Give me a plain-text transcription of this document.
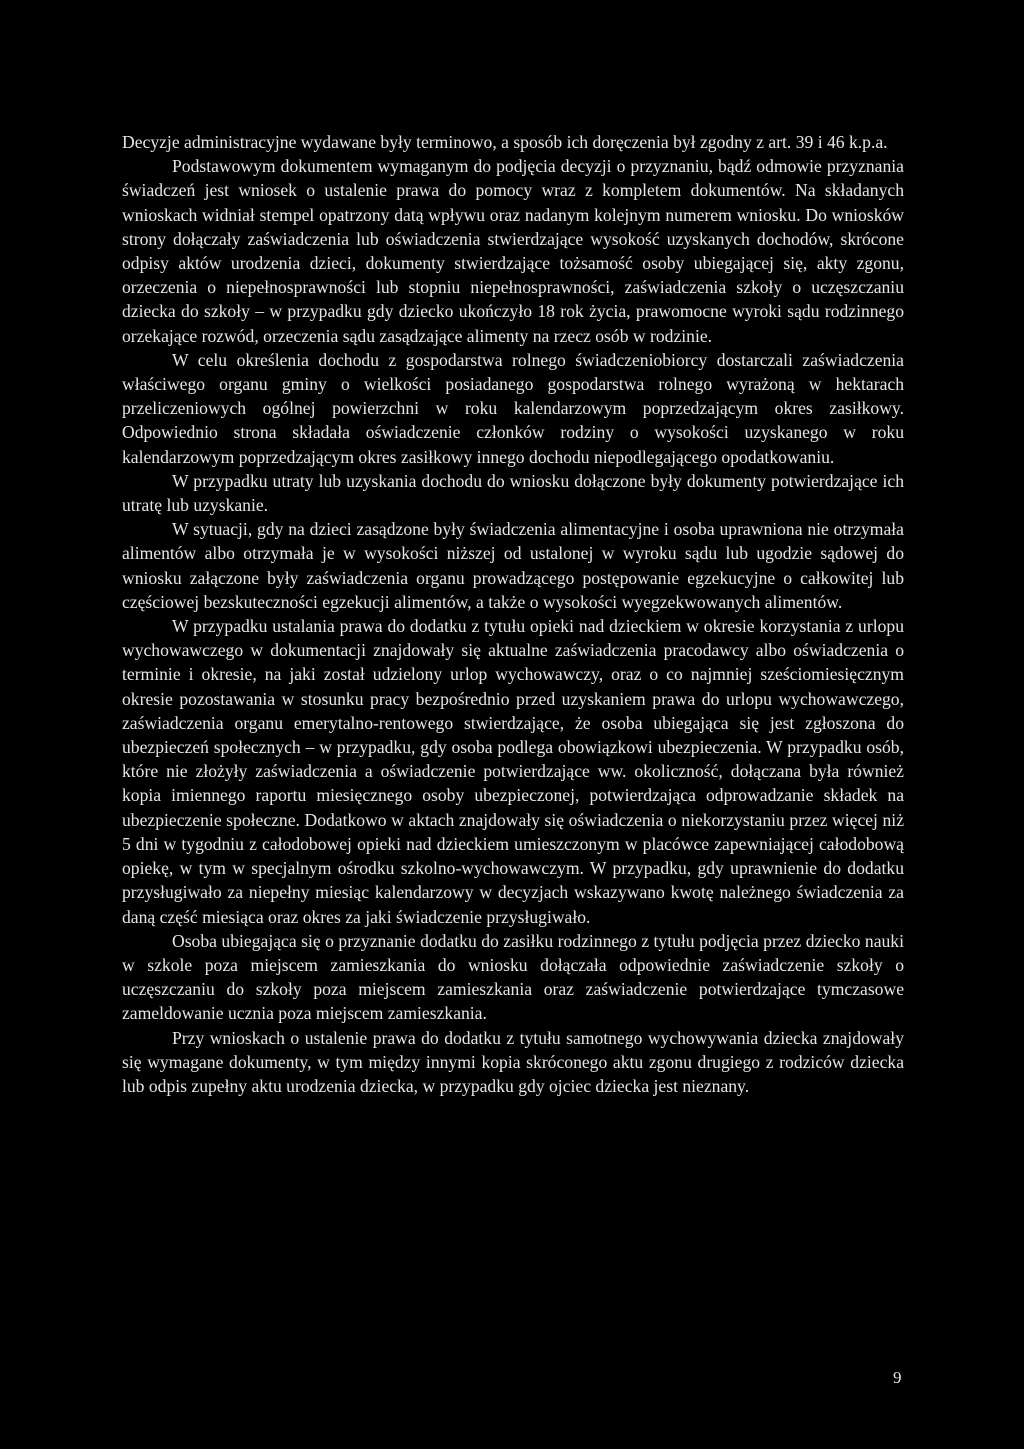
Decyzje administracyjne wydawane były terminowo, a sposób ich doręczenia był zgodny z art. 39 i 46 k.p.a.

Podstawowym dokumentem wymaganym do podjęcia decyzji o przyznaniu, bądź odmowie przyznania świadczeń jest wniosek o ustalenie prawa do pomocy wraz z kompletem dokumentów. Na składanych wnioskach widniał stempel opatrzony datą wpływu oraz nadanym kolejnym numerem wniosku. Do wniosków strony dołączały zaświadczenia lub oświadczenia stwierdzające wysokość uzyskanych dochodów, skrócone odpisy aktów urodzenia dzieci, dokumenty stwierdzające tożsamość osoby ubiegającej się, akty zgonu, orzeczenia o niepełnosprawności lub stopniu niepełnosprawności, zaświadczenia szkoły o uczęszczaniu dziecka do szkoły – w przypadku gdy dziecko ukończyło 18 rok życia, prawomocne wyroki sądu rodzinnego orzekające rozwód, orzeczenia sądu zasądzające alimenty na rzecz osób w rodzinie.

W celu określenia dochodu z gospodarstwa rolnego świadczeniobiorcy dostarczali zaświadczenia właściwego organu gminy o wielkości posiadanego gospodarstwa rolnego wyrażoną w hektarach przeliczeniowych ogólnej powierzchni w roku kalendarzowym poprzedzającym okres zasiłkowy. Odpowiednio strona składała oświadczenie członków rodziny o wysokości uzyskanego w roku kalendarzowym poprzedzającym okres zasiłkowy innego dochodu niepodlegającego opodatkowaniu.

W przypadku utraty lub uzyskania dochodu do wniosku dołączone były dokumenty potwierdzające ich utratę lub uzyskanie.

W sytuacji, gdy na dzieci zasądzone były świadczenia alimentacyjne i osoba uprawniona nie otrzymała alimentów albo otrzymała je w wysokości niższej od ustalonej w wyroku sądu lub ugodzie sądowej do wniosku załączone były zaświadczenia organu prowadzącego postępowanie egzekucyjne o całkowitej lub częściowej bezskuteczności egzekucji alimentów, a także o wysokości wyegzekwowanych alimentów.

W przypadku ustalania prawa do dodatku z tytułu opieki nad dzieckiem w okresie korzystania z urlopu wychowawczego w dokumentacji znajdowały się aktualne zaświadczenia pracodawcy albo oświadczenia o terminie i okresie, na jaki został udzielony urlop wychowawczy, oraz o co najmniej sześciomiesięcznym okresie pozostawania w stosunku pracy bezpośrednio przed uzyskaniem prawa do urlopu wychowawczego, zaświadczenia organu emerytalno-rentowego stwierdzające, że osoba ubiegająca się jest zgłoszona do ubezpieczeń społecznych – w przypadku, gdy osoba podlega obowiązkowi ubezpieczenia. W przypadku osób, które nie złożyły zaświadczenia a oświadczenie potwierdzające ww. okoliczność, dołączana była również kopia imiennego raportu miesięcznego osoby ubezpieczonej, potwierdzająca odprowadzanie składek na ubezpieczenie społeczne. Dodatkowo w aktach znajdowały się oświadczenia o niekorzystaniu przez więcej niż 5 dni w tygodniu z całodobowej opieki nad dzieckiem umieszczonym w placówce zapewniającej całodobową opiekę, w tym w specjalnym ośrodku szkolno-wychowawczym. W przypadku, gdy uprawnienie do dodatku przysługiwało za niepełny miesiąc kalendarzowy w decyzjach wskazywano kwotę należnego świadczenia za daną część miesiąca oraz okres za jaki świadczenie przysługiwało.

Osoba ubiegająca się o przyznanie dodatku do zasiłku rodzinnego z tytułu podjęcia przez dziecko nauki w szkole poza miejscem zamieszkania do wniosku dołączała odpowiednie zaświadczenie szkoły o uczęszczaniu do szkoły poza miejscem zamieszkania oraz zaświadczenie potwierdzające tymczasowe zameldowanie ucznia poza miejscem zamieszkania.

Przy wnioskach o ustalenie prawa do dodatku z tytułu samotnego wychowywania dziecka znajdowały się wymagane dokumenty, w tym między innymi kopia skróconego aktu zgonu drugiego z rodziców dziecka lub odpis zupełny aktu urodzenia dziecka, w przypadku gdy ojciec dziecka jest nieznany.

9
